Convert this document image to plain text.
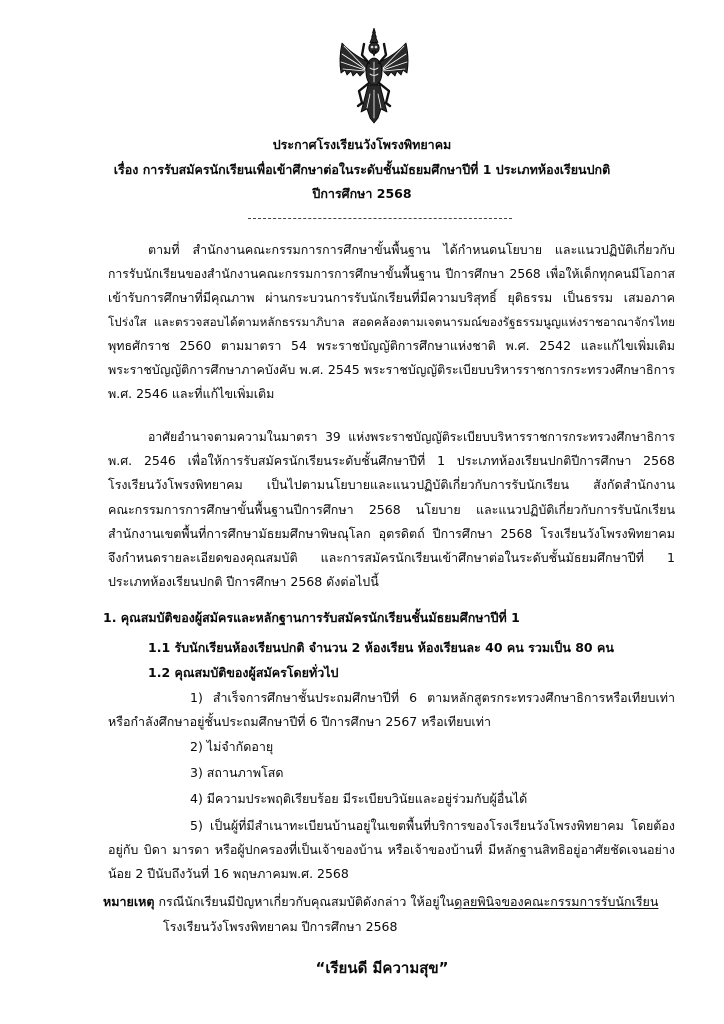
ประกาศโรงเรียนวังโพรงพิทยาคม
เรื่อง การรับสมัครนักเรียนเพื่อเข้าศึกษาต่อในระดับชั้นมัธยมศึกษาปีที่ 1 ประเภทห้องเรียนปกติ
ปีการศึกษา 2568
ตามที่ สำนักงานคณะกรรมการการศึกษาขั้นพื้นฐาน ได้กำหนดนโยบาย และแนวปฏิบัติเกี่ยวกับ
การรับนักเรียนของสำนักงานคณะกรรมการการศึกษาขั้นพื้นฐาน ปีการศึกษา 2568 เพื่อให้เด็กทุกคนมีโอกาส
เข้ารับการศึกษาที่มีคุณภาพ ผ่านกระบวนการรับนักเรียนที่มีความบริสุทธิ์ ยุติธรรม เป็นธรรม เสมอภาค
โปร่งใส และตรวจสอบได้ตามหลักธรรมาภิบาล สอดคล้องตามเจตนารมณ์ของรัฐธรรมนูญแห่งราชอาณาจักรไทย
พุทธศักราช 2560 ตามมาตรา 54 พระราชบัญญัติการศึกษาแห่งชาติ พ.ศ. 2542 และแก้ไขเพิ่มเติม
พระราชบัญญัติการศึกษาภาคบังคับ พ.ศ. 2545 พระราชบัญญัติระเบียบบริหารราชการกระทรวงศึกษาธิการ
พ.ศ. 2546 และที่แก้ไขเพิ่มเติม
อาศัยอำนาจตามความในมาตรา 39 แห่งพระราชบัญญัติระเบียบบริหารราชการกระทรวงศึกษาธิการ
พ.ศ. 2546 เพื่อให้การรับสมัครนักเรียนระดับชั้นศึกษาปีที่ 1 ประเภทห้องเรียนปกติปีการศึกษา 2568
โรงเรียนวังโพรงพิทยาคม เป็นไปตามนโยบายและแนวปฏิบัติเกี่ยวกับการรับนักเรียน สังกัดสำนักงาน
คณะกรรมการการศึกษาขั้นพื้นฐานปีการศึกษา 2568 นโยบาย และแนวปฏิบัติเกี่ยวกับการรับนักเรียน
สำนักงานเขตพื้นที่การศึกษามัธยมศึกษาพิษณุโลก อุตรดิตถ์ ปีการศึกษา 2568 โรงเรียนวังโพรงพิทยาคม
จึงกำหนดรายละเอียดของคุณสมบัติ และการสมัครนักเรียนเข้าศึกษาต่อในระดับชั้นมัธยมศึกษาปีที่ 1
ประเภทห้องเรียนปกติ ปีการศึกษา 2568 ดังต่อไปนี้
1. คุณสมบัติของผู้สมัครและหลักฐานการรับสมัครนักเรียนชั้นมัธยมศึกษาปีที่ 1
1.1 รับนักเรียนห้องเรียนปกติ จำนวน 2 ห้องเรียน ห้องเรียนละ 40 คน รวมเป็น 80 คน
1.2 คุณสมบัติของผู้สมัครโดยทั่วไป
1) สำเร็จการศึกษาชั้นประถมศึกษาปีที่ 6 ตามหลักสูตรกระทรวงศึกษาธิการหรือเทียบเท่า
หรือกำลังศึกษาอยู่ชั้นประถมศึกษาปีที่ 6 ปีการศึกษา 2567 หรือเทียบเท่า
2) ไม่จำกัดอายุ
3) สถานภาพโสด
4) มีความประพฤติเรียบร้อย มีระเบียบวินัยและอยู่ร่วมกับผู้อื่นได้
5) เป็นผู้ที่มีสำเนาทะเบียนบ้านอยู่ในเขตพื้นที่บริการของโรงเรียนวังโพรงพิทยาคม โดยต้อง
อยู่กับ บิดา มารดา หรือผู้ปกครองที่เป็นเจ้าของบ้าน หรือเจ้าของบ้านที่ มีหลักฐานสิทธิอยู่อาศัยชัดเจนอย่าง
น้อย 2 ปีนับถึงวันที่ 16 พฤษภาคมพ.ศ. 2568
หมายเหตุ กรณีนักเรียนมีปัญหาเกี่ยวกับคุณสมบัติดังกล่าว ให้อยู่ในดุลยพินิจของคณะกรรมการรับนักเรียน
โรงเรียนวังโพรงพิทยาคม ปีการศึกษา 2568
“เรียนดี มีความสุข”
